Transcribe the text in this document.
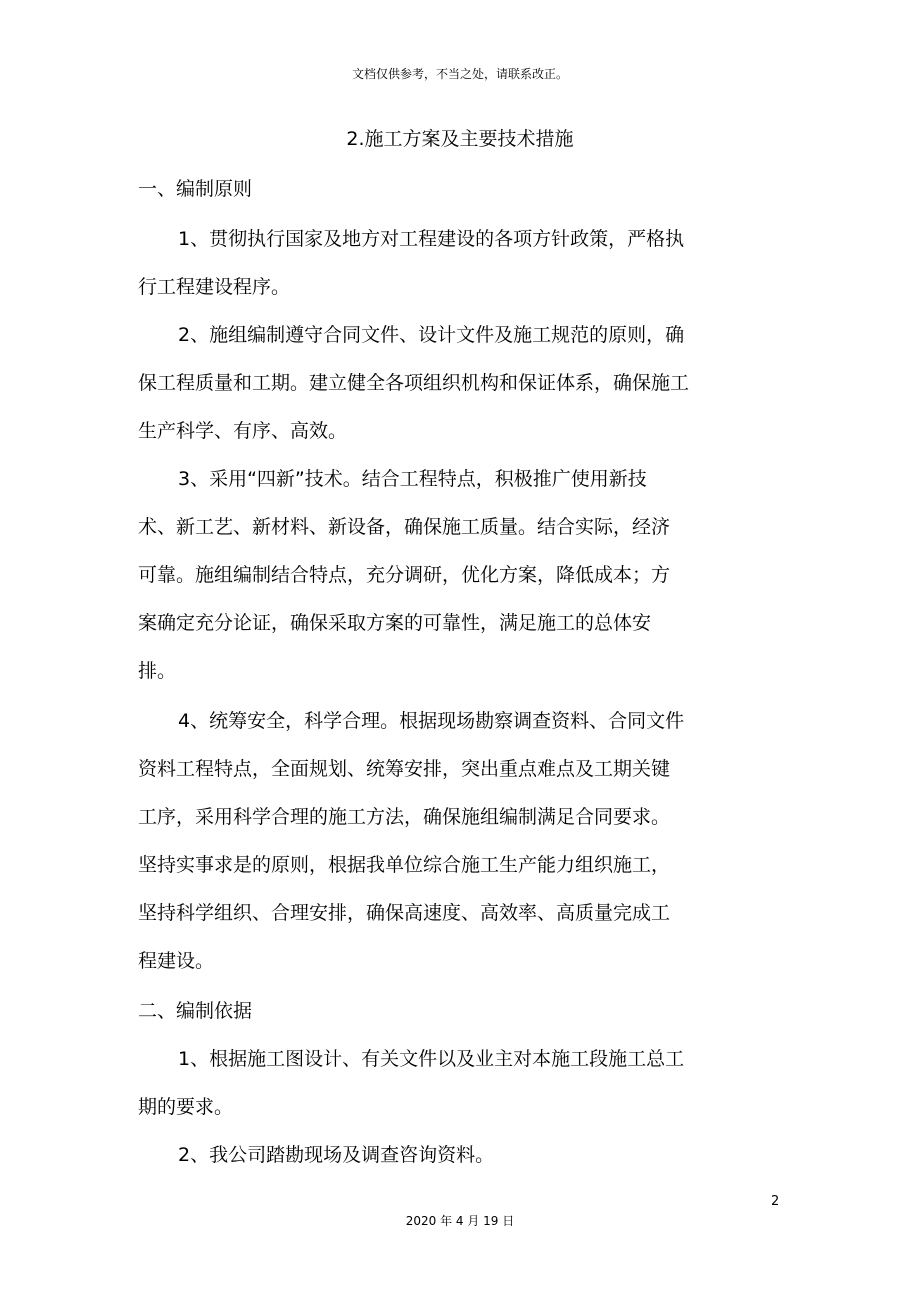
文档仅供参考，不当之处，请联系改正。
2.施工方案及主要技术措施
一、编制原则
1、贯彻执行国家及地方对工程建设的各项方针政策，严格执
行工程建设程序。
2、施组编制遵守合同文件、设计文件及施工规范的原则，确
保工程质量和工期。建立健全各项组织机构和保证体系，确保施工
生产科学、有序、高效。
3、采用“四新”技术。结合工程特点，积极推广使用新技
术、新工艺、新材料、新设备，确保施工质量。结合实际，经济
可靠。施组编制结合特点，充分调研，优化方案，降低成本；方
案确定充分论证，确保采取方案的可靠性，满足施工的总体安
排。
4、统筹安全，科学合理。根据现场勘察调查资料、合同文件
资料工程特点，全面规划、统筹安排，突出重点难点及工期关键
工序，采用科学合理的施工方法，确保施组编制满足合同要求。
坚持实事求是的原则，根据我单位综合施工生产能力组织施工，
坚持科学组织、合理安排，确保高速度、高效率、高质量完成工
程建设。
二、编制依据
1、根据施工图设计、有关文件以及业主对本施工段施工总工
期的要求。
2、我公司踏勘现场及调查咨询资料。
2
2020 年 4 月 19 日
